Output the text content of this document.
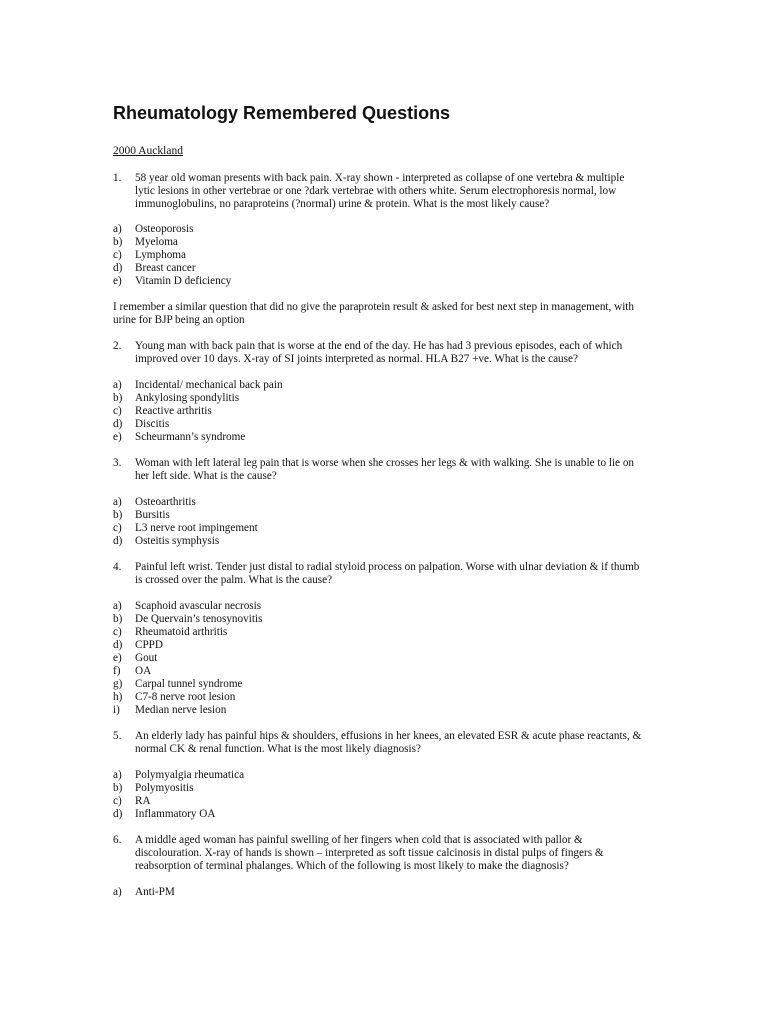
Rheumatology Remembered Questions
2000 Auckland
1. 58 year old woman presents with back pain. X-ray shown - interpreted as collapse of one vertebra & multiple
lytic lesions in other vertebrae or one ?dark vertebrae with others white. Serum electrophoresis normal, low
immunoglobulins, no paraproteins (?normal) urine & protein. What is the most likely cause?
a) Osteoporosis
b) Myeloma
c) Lymphoma
d) Breast cancer
e) Vitamin D deficiency
I remember a similar question that did no give the paraprotein result & asked for best next step in management, with
urine for BJP being an option
2. Young man with back pain that is worse at the end of the day. He has had 3 previous episodes, each of which
improved over 10 days. X-ray of SI joints interpreted as normal. HLA B27 +ve. What is the cause?
a) Incidental/ mechanical back pain
b) Ankylosing spondylitis
c) Reactive arthritis
d) Discitis
e) Scheurmann’s syndrome
3. Woman with left lateral leg pain that is worse when she crosses her legs & with walking. She is unable to lie on
her left side. What is the cause?
a) Osteoarthritis
b) Bursitis
c) L3 nerve root impingement
d) Osteitis symphysis
4. Painful left wrist. Tender just distal to radial styloid process on palpation. Worse with ulnar deviation & if thumb
is crossed over the palm. What is the cause?
a) Scaphoid avascular necrosis
b) De Quervain’s tenosynovitis
c) Rheumatoid arthritis
d) CPPD
e) Gout
f) OA
g) Carpal tunnel syndrome
h) C7-8 nerve root lesion
i) Median nerve lesion
5. An elderly lady has painful hips & shoulders, effusions in her knees, an elevated ESR & acute phase reactants, &
normal CK & renal function. What is the most likely diagnosis?
a) Polymyalgia rheumatica
b) Polymyositis
c) RA
d) Inflammatory OA
6. A middle aged woman has painful swelling of her fingers when cold that is associated with pallor &
discolouration. X-ray of hands is shown – interpreted as soft tissue calcinosis in distal pulps of fingers &
reabsorption of terminal phalanges. Which of the following is most likely to make the diagnosis?
a) Anti-PM
